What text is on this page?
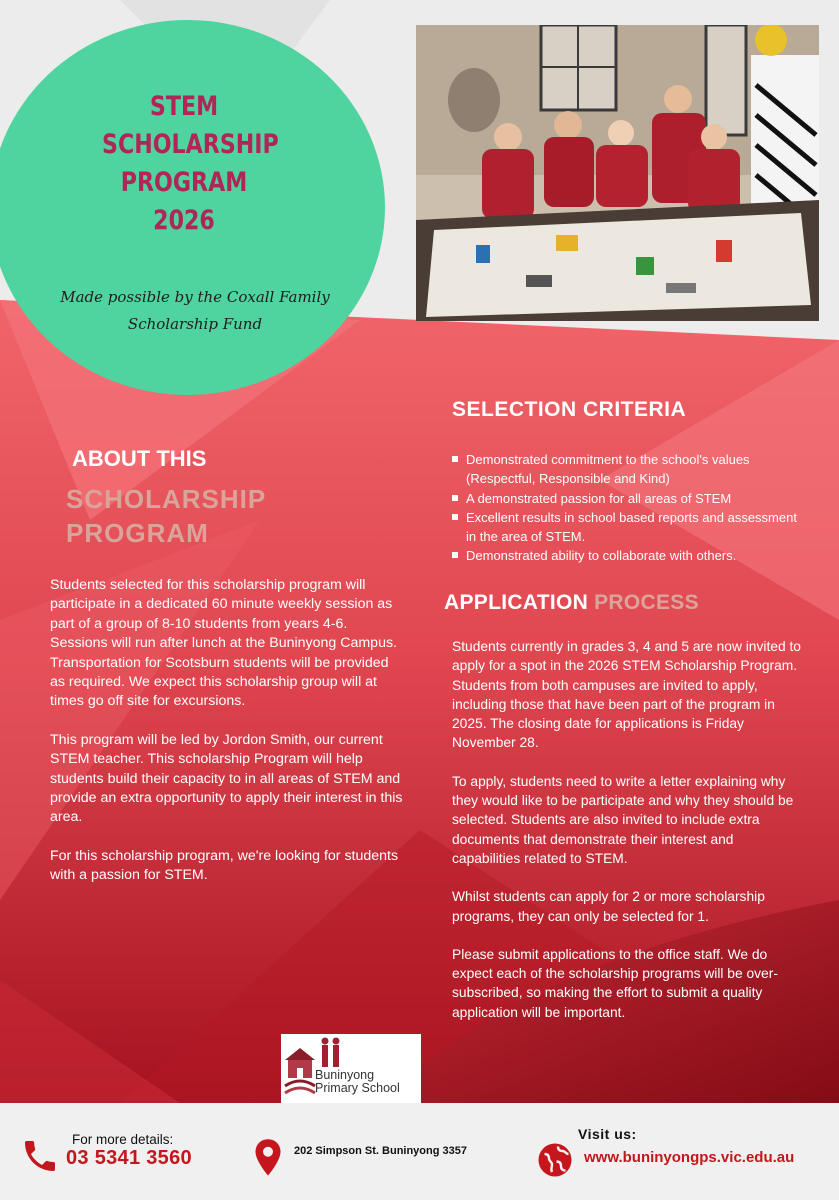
STEM SCHOLARSHIP PROGRAM 2026
Made possible by the Coxall Family Scholarship Fund
ABOUT THIS
SCHOLARSHIP PROGRAM

Students selected for this scholarship program will participate in a dedicated 60 minute weekly session as part of a group of 8-10 students from years 4-6. Sessions will run after lunch at the Buninyong Campus. Transportation for Scotsburn students will be provided as required. We expect this scholarship group will at times go off site for excursions.

This program will be led by Jordon Smith, our current STEM teacher. This scholarship Program will help students build their capacity to in all areas of STEM and provide an extra opportunity to apply their interest in this area.

For this scholarship program, we're looking for students with a passion for STEM.

SELECTION CRITERIA
Demonstrated commitment to the school's values (Respectful, Responsible and Kind)
A demonstrated passion for all areas of STEM
Excellent results in school based reports and assessment in the area of STEM.
Demonstrated ability to collaborate with others.
APPLICATION PROCESS

Students currently in grades 3, 4 and 5 are now invited to apply for a spot in the 2026 STEM Scholarship Program. Students from both campuses are invited to apply, including those that have been part of the program in 2025. The closing date for applications is Friday November 28.

To apply, students need to write a letter explaining why they would like to be participate and why they should be selected. Students are also invited to include extra documents that demonstrate their interest and capabilities related to STEM.

Whilst students can apply for 2 or more scholarship programs, they can only be selected for 1.

Please submit applications to the office staff. We do expect each of the scholarship programs will be over-subscribed, so making the effort to submit a quality application will be important.

Buninyong
Primary School
For more details:
03 5341 3560	202 Simpson St. Buninyong 3357
Visit us:
www.buninyongps.vic.edu.au
